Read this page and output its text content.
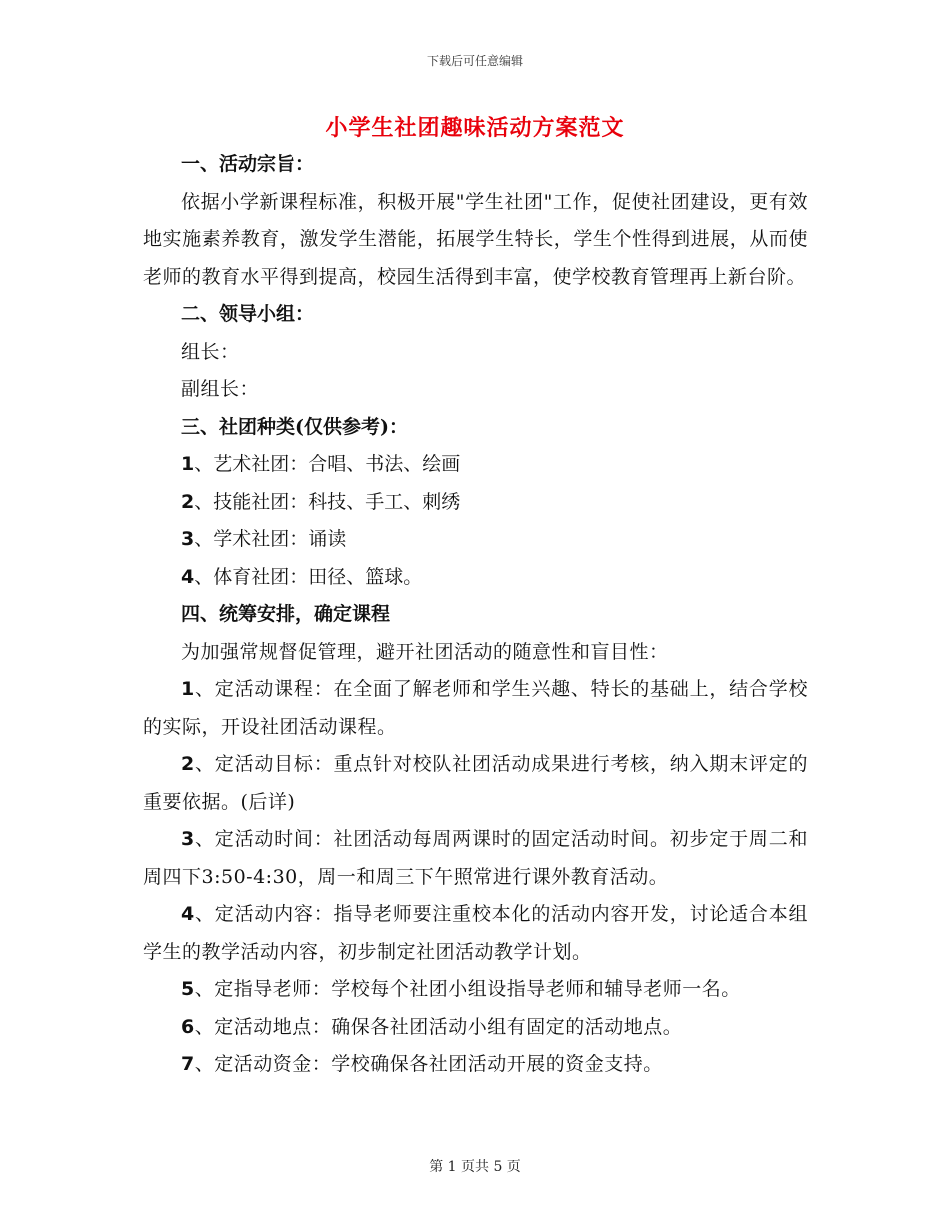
下载后可任意编辑
小学生社团趣味活动方案范文

一、活动宗旨：

依据小学新课程标准，积极开展"学生社团"工作，促使社团建设，更有效地实施素养教育，激发学生潜能，拓展学生特长，学生个性得到进展，从而使老师的教育水平得到提高，校园生活得到丰富，使学校教育管理再上新台阶。

二、领导小组：

组长：

副组长：

三、社团种类(仅供参考)：

1、艺术社团：合唱、书法、绘画

2、技能社团：科技、手工、刺绣

3、学术社团：诵读

4、体育社团：田径、篮球。

四、统筹安排，确定课程

为加强常规督促管理，避开社团活动的随意性和盲目性：

1、定活动课程：在全面了解老师和学生兴趣、特长的基础上，结合学校的实际，开设社团活动课程。

2、定活动目标：重点针对校队社团活动成果进行考核，纳入期末评定的重要依据。(后详)

3、定活动时间：社团活动每周两课时的固定活动时间。初步定于周二和周四下3:50-4:30，周一和周三下午照常进行课外教育活动。

4、定活动内容：指导老师要注重校本化的活动内容开发，讨论适合本组学生的教学活动内容，初步制定社团活动教学计划。

5、定指导老师：学校每个社团小组设指导老师和辅导老师一名。

6、定活动地点：确保各社团活动小组有固定的活动地点。

7、定活动资金：学校确保各社团活动开展的资金支持。

第 1 页共 5 页
